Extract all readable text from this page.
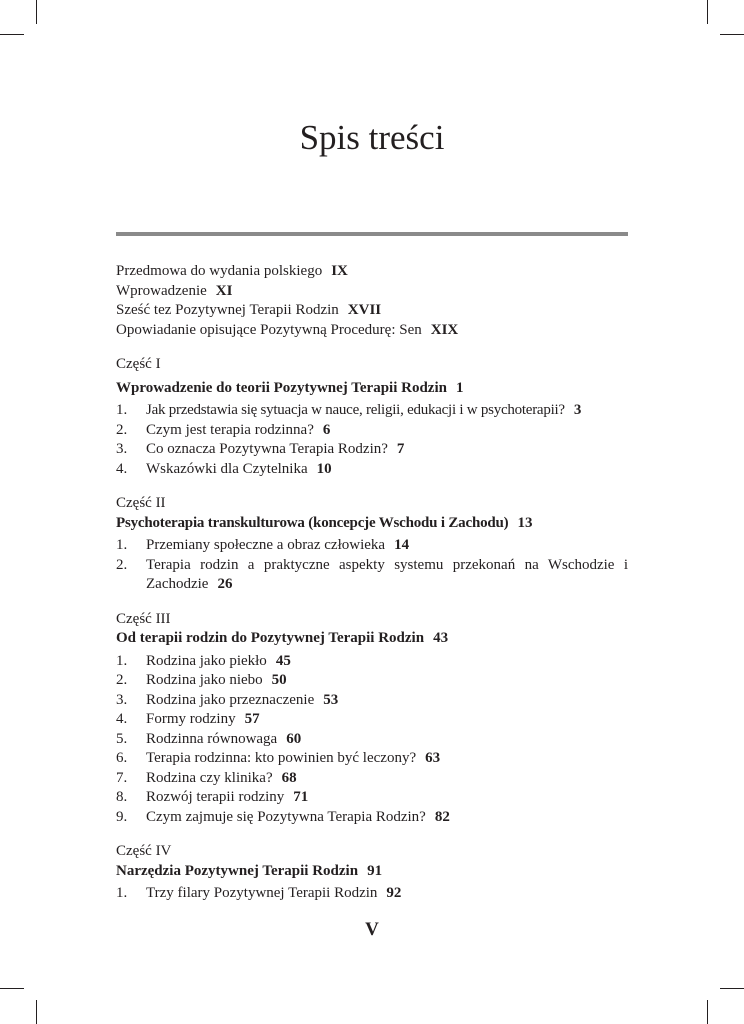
Spis treści
Przedmowa do wydania polskiego IX
Wprowadzenie XI
Sześć tez Pozytywnej Terapii Rodzin XVII
Opowiadanie opisujące Pozytywną Procedurę: Sen XIX
Część I
Wprowadzenie do teorii Pozytywnej Terapii Rodzin 1
1.	Jak przedstawia się sytuacja w nauce, religii, edukacji i w psychoterapii? 3
2.	Czym jest terapia rodzinna? 6
3.	Co oznacza Pozytywna Terapia Rodzin? 7
4.	Wskazówki dla Czytelnika 10
Część II
Psychoterapia transkulturowa (koncepcje Wschodu i Zachodu) 13
1.	Przemiany społeczne a obraz człowieka 14
2.	Terapia rodzin a praktyczne aspekty systemu przekonań na Wschodzie i Zachodzie 26
Część III
Od terapii rodzin do Pozytywnej Terapii Rodzin 43
1.	Rodzina jako piekło 45
2.	Rodzina jako niebo 50
3.	Rodzina jako przeznaczenie 53
4.	Formy rodziny 57
5.	Rodzinna równowaga 60
6.	Terapia rodzinna: kto powinien być leczony? 63
7.	Rodzina czy klinika? 68
8.	Rozwój terapii rodziny 71
9.	Czym zajmuje się Pozytywna Terapia Rodzin? 82
Część IV
Narzędzia Pozytywnej Terapii Rodzin 91
1.	Trzy filary Pozytywnej Terapii Rodzin 92
V
